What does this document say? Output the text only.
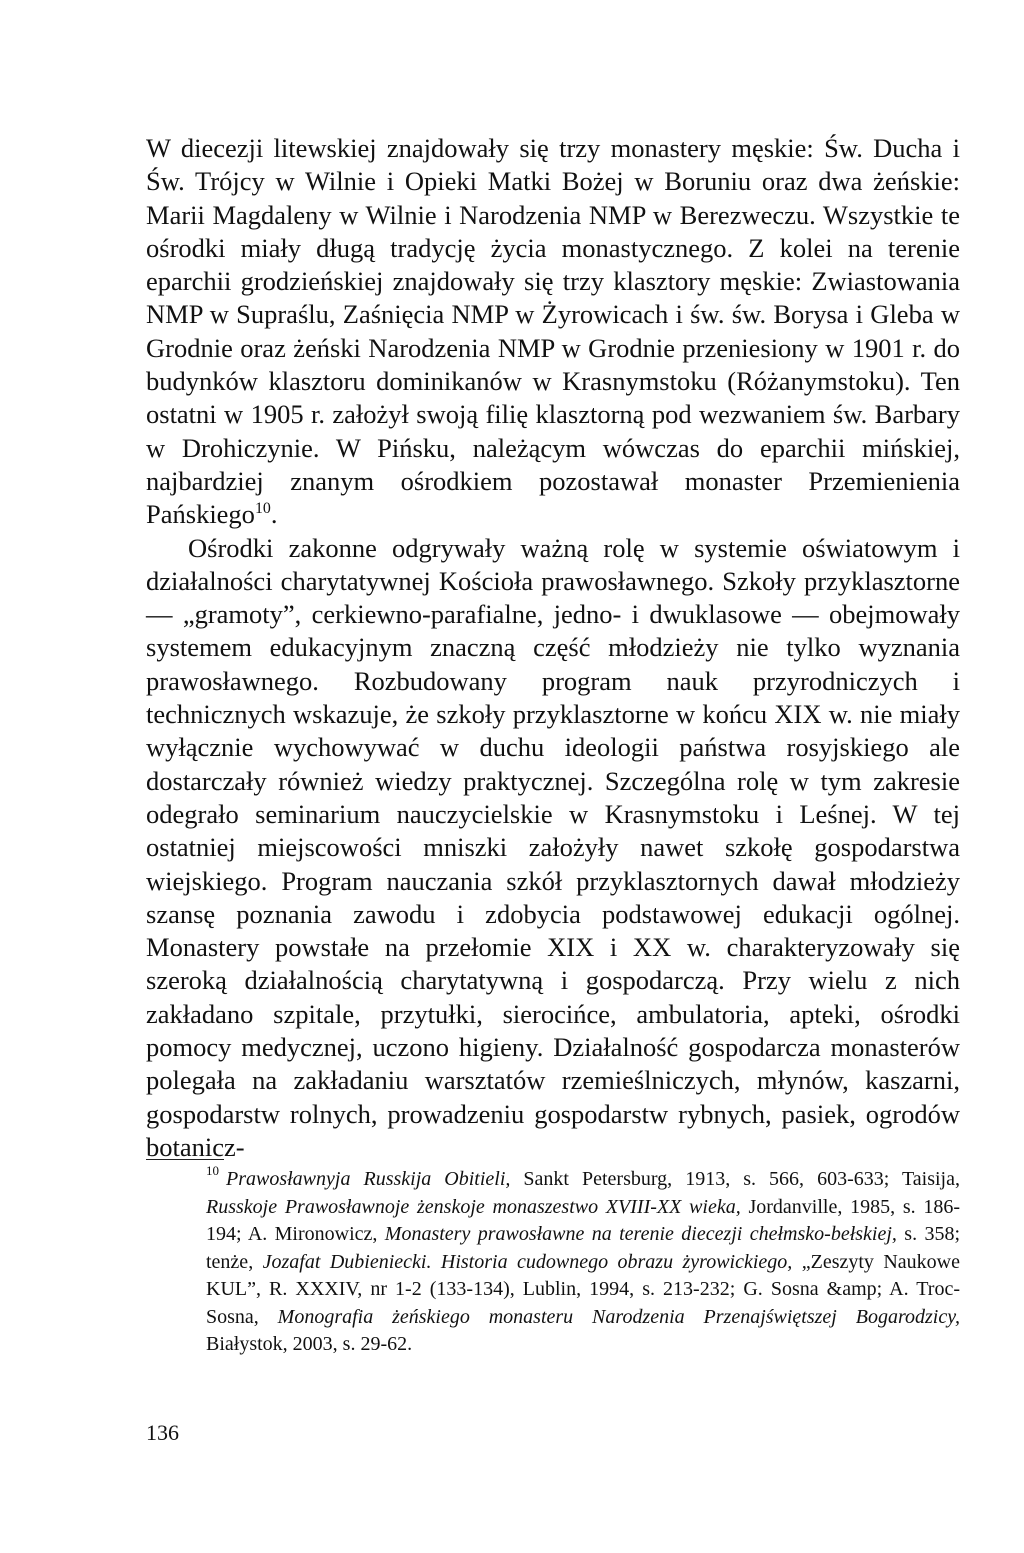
W diecezji litewskiej znajdowały się trzy monastery męskie: Św. Ducha i Św. Trójcy w Wilnie i Opieki Matki Bożej w Boruniu oraz dwa żeńskie: Marii Magdaleny w Wilnie i Narodzenia NMP w Berezweczu. Wszystkie te ośrodki miały długą tradycję życia monastycznego. Z kolei na terenie eparchii grodzieńskiej znajdowały się trzy klasztory męskie: Zwiastowania NMP w Supraślu, Zaśnięcia NMP w Żyrowicach i św. św. Borysa i Gleba w Grodnie oraz żeński Narodzenia NMP w Grodnie przeniesiony w 1901 r. do budynków klasztoru dominikanów w Krasnymstoku (Różanymstoku). Ten ostatni w 1905 r. założył swoją filię klasztorną pod wezwaniem św. Barbary w Drohiczynie. W Pińsku, należącym wówczas do eparchii mińskiej, najbardziej znanym ośrodkiem pozostawał monaster Przemienienia Pańskiego$^{10}$.

Ośrodki zakonne odgrywały ważną rolę w systemie oświatowym i działalności charytatywnej Kościoła prawosławnego. Szkoły przyklasztorne — „gramoty”, cerkiewno-parafialne, jedno- i dwuklasowe — obejmowały systemem edukacyjnym znaczną część młodzieży nie tylko wyznania prawosławnego. Rozbudowany program nauk przyrodniczych i technicznych wskazuje, że szkoły przyklasztorne w końcu XIX w. nie miały wyłącznie wychowywać w duchu ideologii państwa rosyjskiego ale dostarczały również wiedzy praktycznej. Szczególna rolę w tym zakresie odegrało seminarium nauczycielskie w Krasnymstoku i Leśnej. W tej ostatniej miejscowości mniszki założyły nawet szkołę gospodarstwa wiejskiego. Program nauczania szkół przyklasztornych dawał młodzieży szansę poznania zawodu i zdobycia podstawowej edukacji ogólnej. Monastery powstałe na przełomie XIX i XX w. charakteryzowały się szeroką działalnością charytatywną i gospodarczą. Przy wielu z nich zakładano szpitale, przytułki, sierocińce, ambulatoria, apteki, ośrodki pomocy medycznej, uczono higieny. Działalność gospodarcza monasterów polegała na zakładaniu warsztatów rzemieślniczych, młynów, kaszarni, gospodarstw rolnych, prowadzeniu gospodarstw rybnych, pasiek, ogrodów botanicz-

10 Prawosławnyja Russkija Obitieli, Sankt Petersburg, 1913, s. 566, 603-633; Taisija, Russkoje Prawosławnoje żenskoje monaszestwo XVIII-XX wieka, Jordanville, 1985, s. 186-194; A. Mironowicz, Monastery prawosławne na terenie diecezji chełmsko-bełskiej, s. 358; tenże, Jozafat Dubieniecki. Historia cudownego obrazu żyrowickiego, „Zeszyty Naukowe KUL”, R. XXXIV, nr 1-2 (133-134), Lublin, 1994, s. 213-232; G. Sosna &amp; A. Troc-Sosna, Monografia żeńskiego monasteru Narodzenia Przenajświętszej Bogarodzicy, Białystok, 2003, s. 29-62.
136
